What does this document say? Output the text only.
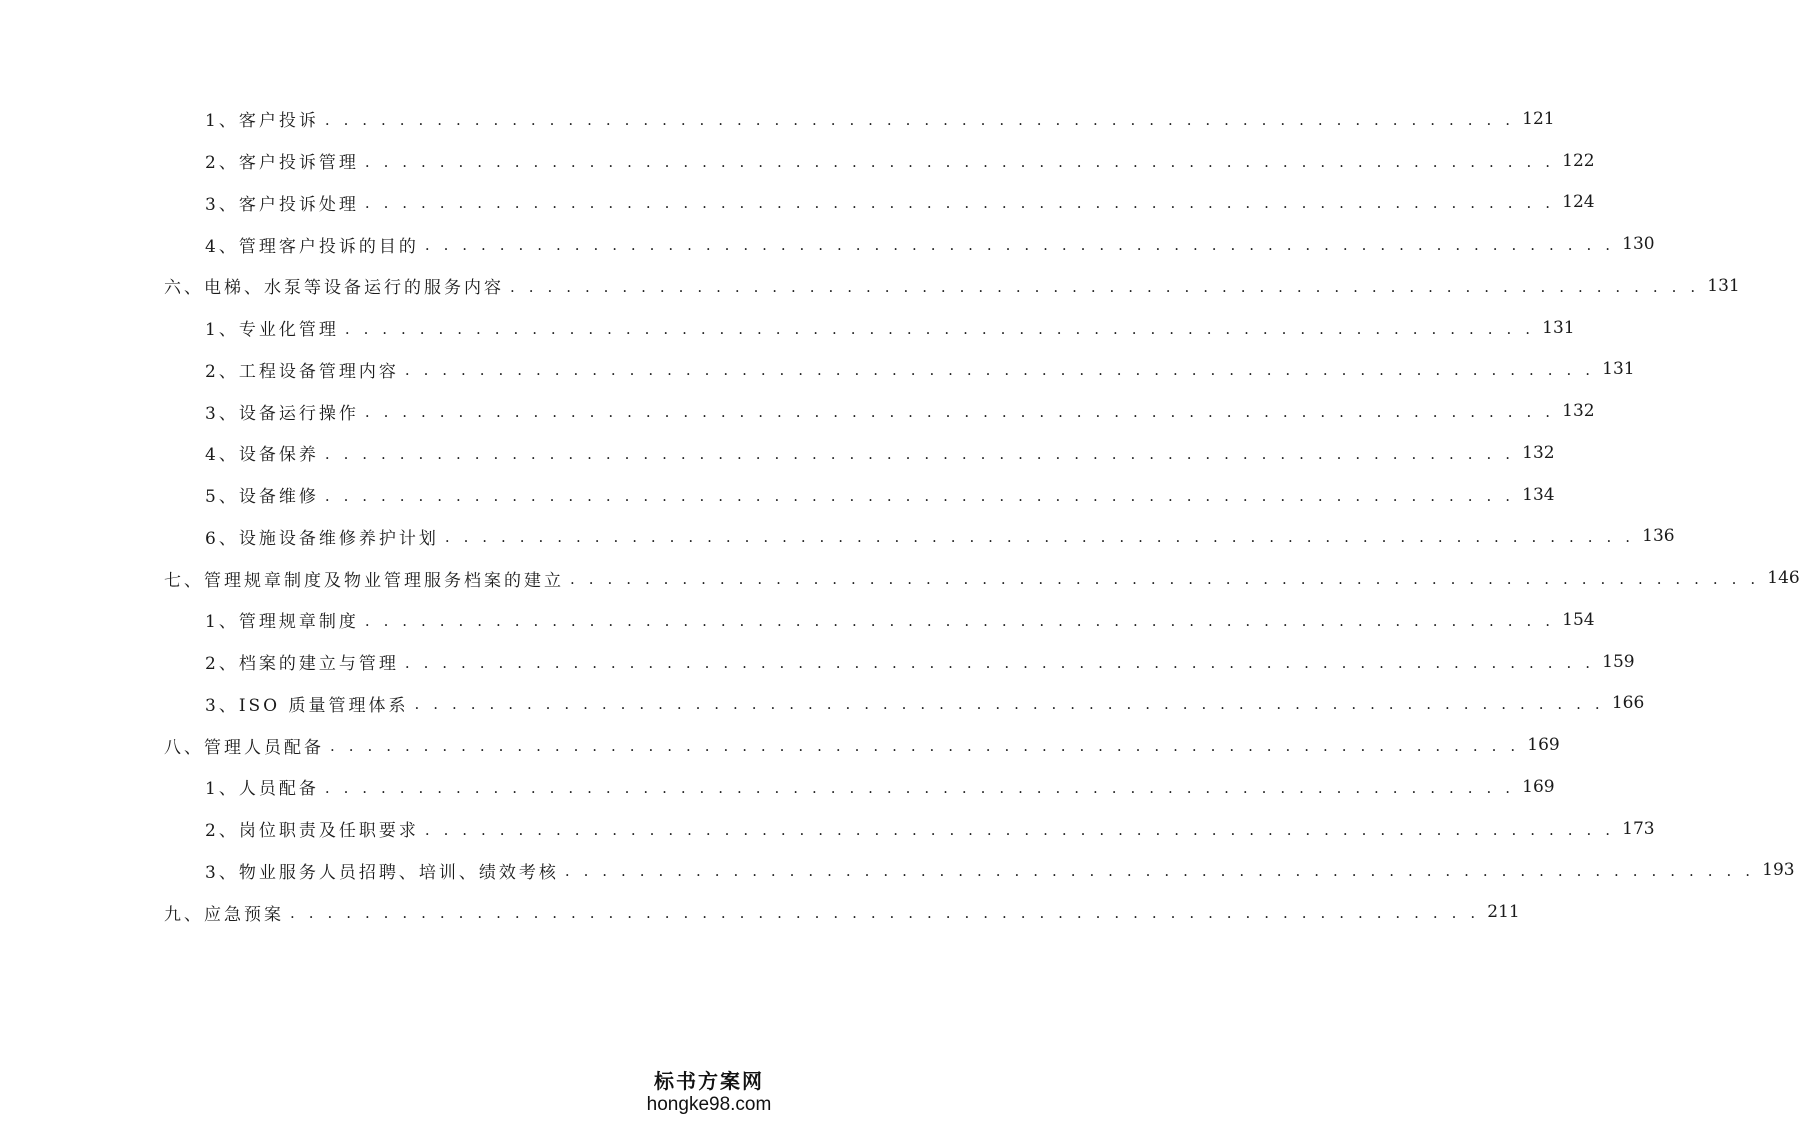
1、客户投诉 . . . . . . . . . . . . . . . . . . . . . . . . . . . . . . . . . . . . . . . . . . . . . . . . . . . . . . . . . . . . . . . . 121
2、客户投诉管理 . . . . . . . . . . . . . . . . . . . . . . . . . . . . . . . . . . . . . . . . . . . . . . . . . . . . . . . . . . . . . . . . 122
3、客户投诉处理 . . . . . . . . . . . . . . . . . . . . . . . . . . . . . . . . . . . . . . . . . . . . . . . . . . . . . . . . . . . . . . . . 124
4、管理客户投诉的目的 . . . . . . . . . . . . . . . . . . . . . . . . . . . . . . . . . . . . . . . . . . . . . . . . . . . . . . . . . . . . . . . . 130
六、电梯、水泵等设备运行的服务内容 . . . . . . . . . . . . . . . . . . . . . . . . . . . . . . . . . . . . . . . . . . . . . . . . . . . . . . . . . . . . . . . . 131
1、专业化管理 . . . . . . . . . . . . . . . . . . . . . . . . . . . . . . . . . . . . . . . . . . . . . . . . . . . . . . . . . . . . . . . . 131
2、工程设备管理内容 . . . . . . . . . . . . . . . . . . . . . . . . . . . . . . . . . . . . . . . . . . . . . . . . . . . . . . . . . . . . . . . . 131
3、设备运行操作 . . . . . . . . . . . . . . . . . . . . . . . . . . . . . . . . . . . . . . . . . . . . . . . . . . . . . . . . . . . . . . . . 132
4、设备保养 . . . . . . . . . . . . . . . . . . . . . . . . . . . . . . . . . . . . . . . . . . . . . . . . . . . . . . . . . . . . . . . . 132
5、设备维修 . . . . . . . . . . . . . . . . . . . . . . . . . . . . . . . . . . . . . . . . . . . . . . . . . . . . . . . . . . . . . . . . 134
6、设施设备维修养护计划 . . . . . . . . . . . . . . . . . . . . . . . . . . . . . . . . . . . . . . . . . . . . . . . . . . . . . . . . . . . . . . . . 136
七、管理规章制度及物业管理服务档案的建立 . . . . . . . . . . . . . . . . . . . . . . . . . . . . . . . . . . . . . . . . . . . . . . . . . . . . . . . . . . . . . . . . 146
1、管理规章制度 . . . . . . . . . . . . . . . . . . . . . . . . . . . . . . . . . . . . . . . . . . . . . . . . . . . . . . . . . . . . . . . . 154
2、档案的建立与管理 . . . . . . . . . . . . . . . . . . . . . . . . . . . . . . . . . . . . . . . . . . . . . . . . . . . . . . . . . . . . . . . . 159
3、ISO 质量管理体系 . . . . . . . . . . . . . . . . . . . . . . . . . . . . . . . . . . . . . . . . . . . . . . . . . . . . . . . . . . . . . . . . 166
八、管理人员配备 . . . . . . . . . . . . . . . . . . . . . . . . . . . . . . . . . . . . . . . . . . . . . . . . . . . . . . . . . . . . . . . . 169
1、人员配备 . . . . . . . . . . . . . . . . . . . . . . . . . . . . . . . . . . . . . . . . . . . . . . . . . . . . . . . . . . . . . . . . 169
2、岗位职责及任职要求 . . . . . . . . . . . . . . . . . . . . . . . . . . . . . . . . . . . . . . . . . . . . . . . . . . . . . . . . . . . . . . . . 173
3、物业服务人员招聘、培训、绩效考核 . . . . . . . . . . . . . . . . . . . . . . . . . . . . . . . . . . . . . . . . . . . . . . . . . . . . . . . . . . . . . . . . 193
九、应急预案 . . . . . . . . . . . . . . . . . . . . . . . . . . . . . . . . . . . . . . . . . . . . . . . . . . . . . . . . . . . . . . . . 211
标书方案网
hongke98.com
